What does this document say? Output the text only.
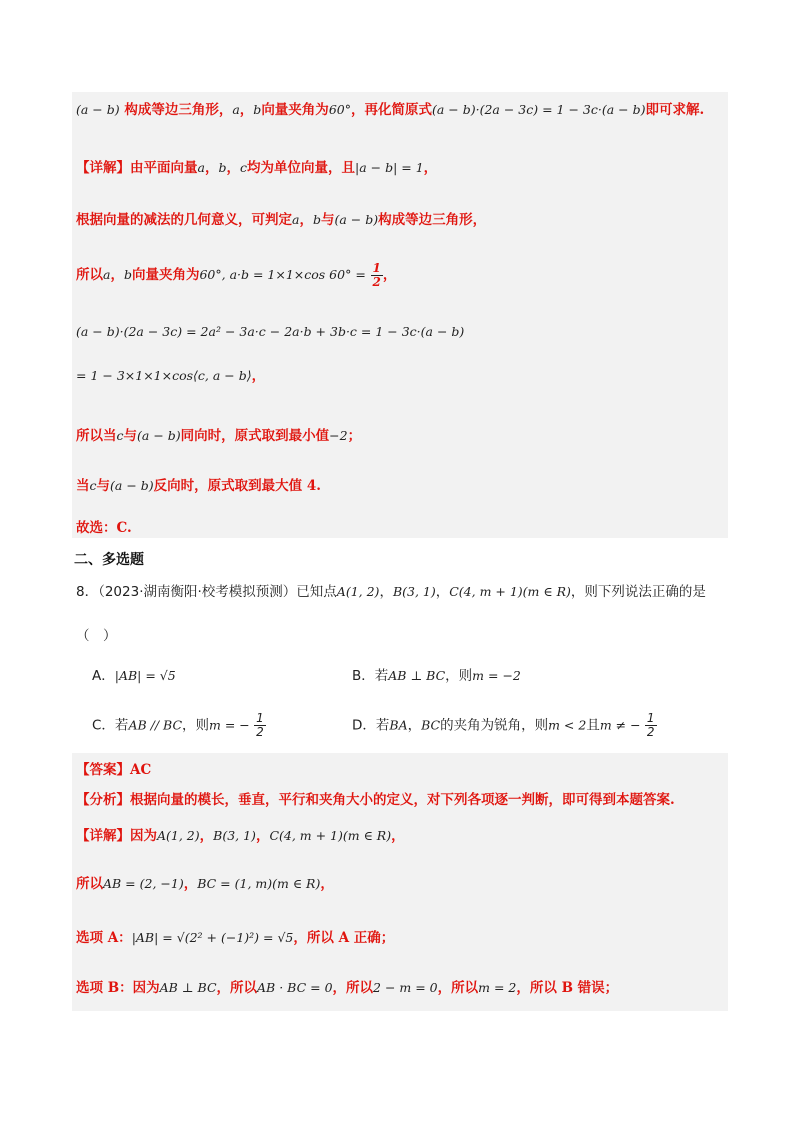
(a − b) 构成等边三角形，a，b向量夹角为60°，再化简原式(a − b)·(2a − 3c) = 1 − 3c·(a − b)即可求解.
【详解】由平面向量a，b，c均为单位向量，且|a − b| = 1，
根据向量的减法的几何意义，可判定a，b与(a − b)构成等边三角形，
所以a，b向量夹角为60°, a·b = 1×1×cos $60^\circ = \frac{1}{2}$ ，
(a − b)·(2a − 3c) = 2a² − 3a·c − 2a·b + 3b·c = 1 − 3c·(a − b)
= 1 − 3×1×1×cos⟨c, a − b⟩，
所以当c与(a − b)同向时，原式取到最小值−2；
当c与(a − b)反向时，原式取到最大值 4.
故选：C.
二、多选题
8．（2023·湖南衡阳·校考模拟预测）已知点A(1, 2)，B(3, 1)，C(4, m + 1)(m ∈ R)，则下列说法正确的是
（　）
A．|AB| = √5	B．若AB ⊥ BC，则m = −2
C．若AB // BC，则m = − $\frac{1}{2}$	D．若BA，BC的夹角为锐角，则m < 2且m ≠ − $\frac{1}{2}$
【答案】AC
【分析】根据向量的模长，垂直，平行和夹角大小的定义，对下列各项逐一判断，即可得到本题答案.
【详解】因为A(1, 2)，B(3, 1)，C(4, m + 1)(m ∈ R)，
所以AB = (2, −1)，BC = (1, m)(m ∈ R)，
选项 A：|AB| = √(2² + (−1)²) = √5，所以 A 正确；
选项 B：因为AB ⊥ BC，所以AB · BC = 0，所以2 − m = 0，所以m = 2，所以 B 错误；
